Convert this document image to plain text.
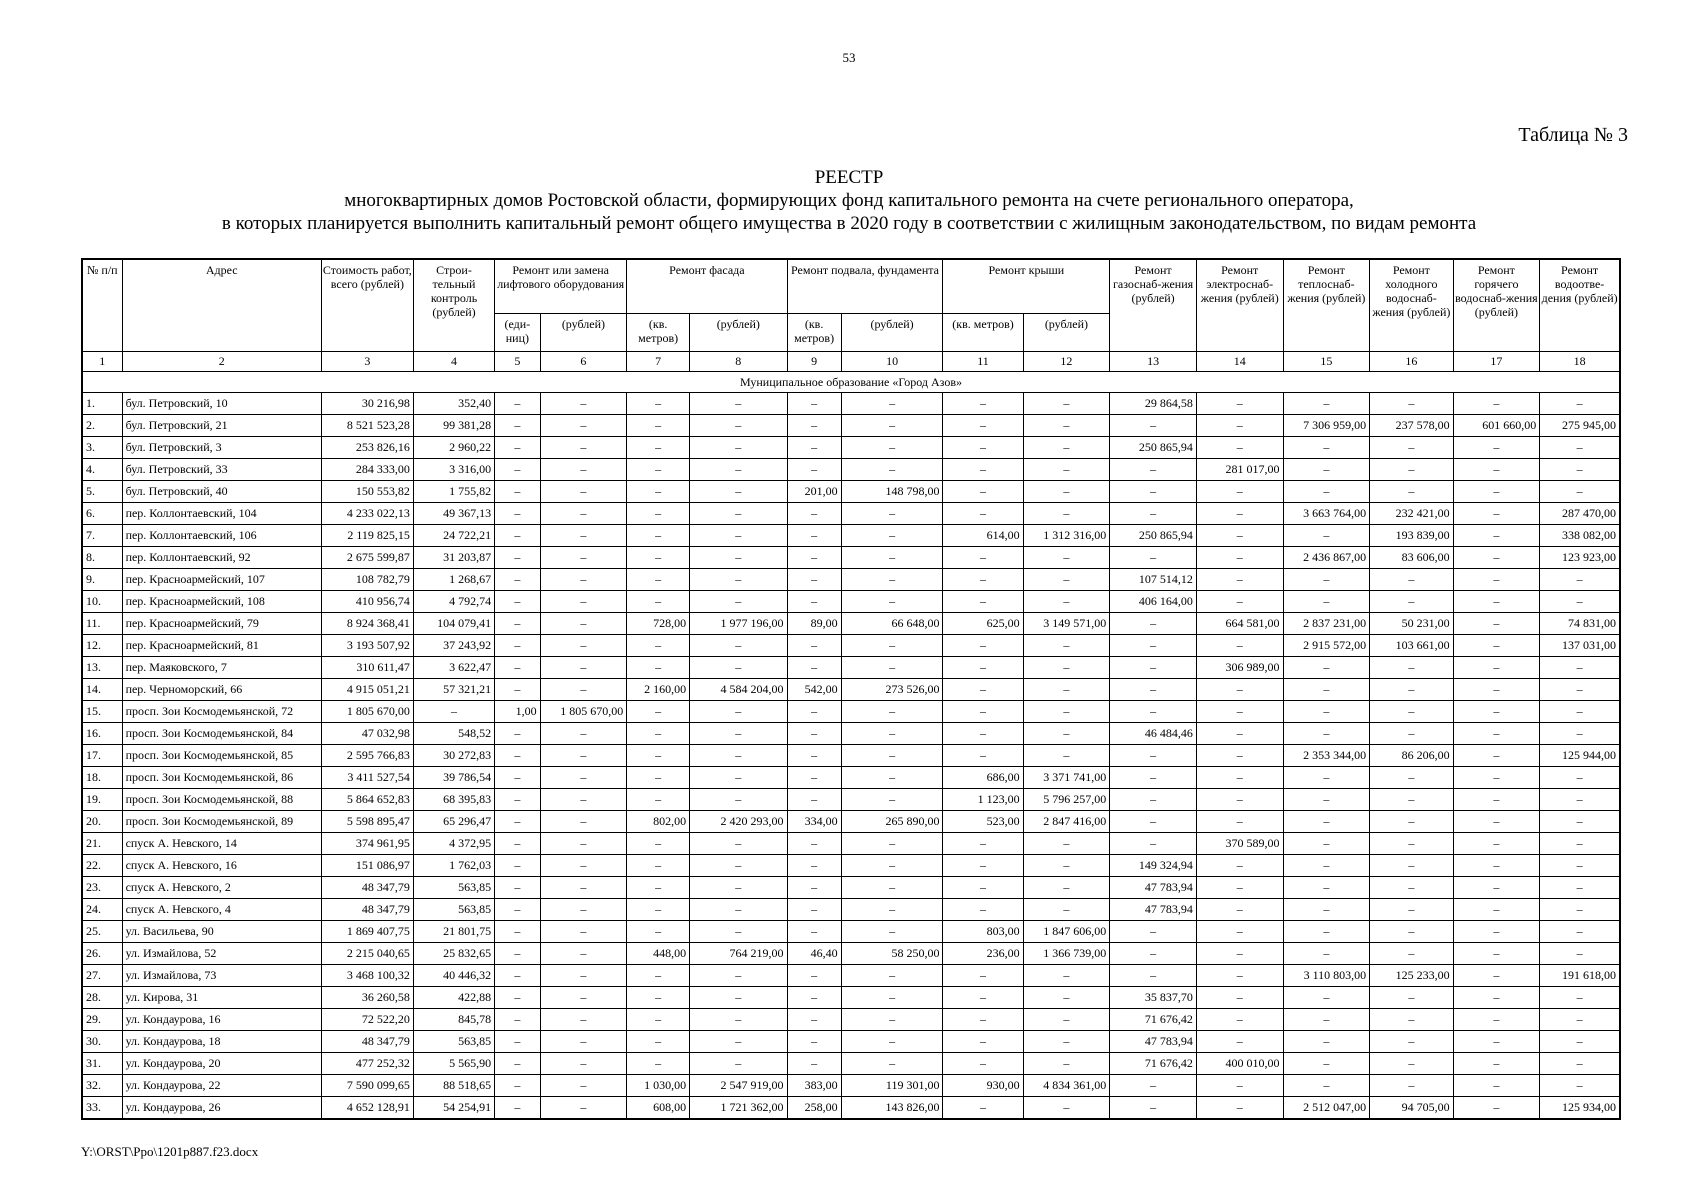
53
Таблица № 3
РЕЕСТР
многоквартирных домов Ростовской области, формирующих фонд капитального ремонта на счете регионального оператора,
в которых планируется выполнить капитальный ремонт общего имущества в 2020 году в соответствии с жилищным законодательством, по видам ремонта
№ п/п	Адрес	Стоимость работ, всего (рублей)	Строи-тельный контроль (рублей)	Ремонт или замена лифтового оборудования		Ремонт фасада		Ремонт подвала, фундамента		Ремонт крыши		Ремонт газоснаб-жения (рублей)	Ремонт электроснаб-жения (рублей)	Ремонт теплоснаб-жения (рублей)	Ремонт холодного водоснаб-жения (рублей)	Ремонт горячего водоснаб-жения (рублей)	Ремонт водоотве-дения (рублей)
				(еди-ниц)	(рублей)	(кв. метров)	(рублей)	(кв. метров)	(рублей)	(кв. метров)	(рублей)						
1	2	3	4	5	6	7	8	9	10	11	12	13	14	15	16	17	18
Муниципальное образование «Город Азов»																	
1.	бул. Петровский, 10	30 216,98	352,40	–	–	–	–	–	–	–	–	29 864,58	–	–	–	–	–
2.	бул. Петровский, 21	8 521 523,28	99 381,28	–	–	–	–	–	–	–	–	–	–	7 306 959,00	237 578,00	601 660,00	275 945,00
3.	бул. Петровский, 3	253 826,16	2 960,22	–	–	–	–	–	–	–	–	250 865,94	–	–	–	–	–
4.	бул. Петровский, 33	284 333,00	3 316,00	–	–	–	–	–	–	–	–	–	281 017,00	–	–	–	–
5.	бул. Петровский, 40	150 553,82	1 755,82	–	–	–	–	201,00	148 798,00	–	–	–	–	–	–	–	–
6.	пер. Коллонтаевский, 104	4 233 022,13	49 367,13	–	–	–	–	–	–	–	–	–	–	3 663 764,00	232 421,00	–	287 470,00
7.	пер. Коллонтаевский, 106	2 119 825,15	24 722,21	–	–	–	–	–	–	614,00	1 312 316,00	250 865,94	–	–	193 839,00	–	338 082,00
8.	пер. Коллонтаевский, 92	2 675 599,87	31 203,87	–	–	–	–	–	–	–	–	–	–	2 436 867,00	83 606,00	–	123 923,00
9.	пер. Красноармейский, 107	108 782,79	1 268,67	–	–	–	–	–	–	–	–	107 514,12	–	–	–	–	–
10.	пер. Красноармейский, 108	410 956,74	4 792,74	–	–	–	–	–	–	–	–	406 164,00	–	–	–	–	–
11.	пер. Красноармейский, 79	8 924 368,41	104 079,41	–	–	728,00	1 977 196,00	89,00	66 648,00	625,00	3 149 571,00	–	664 581,00	2 837 231,00	50 231,00	–	74 831,00
12.	пер. Красноармейский, 81	3 193 507,92	37 243,92	–	–	–	–	–	–	–	–	–	–	2 915 572,00	103 661,00	–	137 031,00
13.	пер. Маяковского, 7	310 611,47	3 622,47	–	–	–	–	–	–	–	–	–	306 989,00	–	–	–	–
14.	пер. Черноморский, 66	4 915 051,21	57 321,21	–	–	2 160,00	4 584 204,00	542,00	273 526,00	–	–	–	–	–	–	–	–
15.	просп. Зои Космодемьянской, 72	1 805 670,00	–	1,00	1 805 670,00	–	–	–	–	–	–	–	–	–	–	–	–
16.	просп. Зои Космодемьянской, 84	47 032,98	548,52	–	–	–	–	–	–	–	–	46 484,46	–	–	–	–	–
17.	просп. Зои Космодемьянской, 85	2 595 766,83	30 272,83	–	–	–	–	–	–	–	–	–	–	2 353 344,00	86 206,00	–	125 944,00
18.	просп. Зои Космодемьянской, 86	3 411 527,54	39 786,54	–	–	–	–	–	–	686,00	3 371 741,00	–	–	–	–	–	–
19.	просп. Зои Космодемьянской, 88	5 864 652,83	68 395,83	–	–	–	–	–	–	1 123,00	5 796 257,00	–	–	–	–	–	–
20.	просп. Зои Космодемьянской, 89	5 598 895,47	65 296,47	–	–	802,00	2 420 293,00	334,00	265 890,00	523,00	2 847 416,00	–	–	–	–	–	–
21.	спуск А. Невского, 14	374 961,95	4 372,95	–	–	–	–	–	–	–	–	–	370 589,00	–	–	–	–
22.	спуск А. Невского, 16	151 086,97	1 762,03	–	–	–	–	–	–	–	–	149 324,94	–	–	–	–	–
23.	спуск А. Невского, 2	48 347,79	563,85	–	–	–	–	–	–	–	–	47 783,94	–	–	–	–	–
24.	спуск А. Невского, 4	48 347,79	563,85	–	–	–	–	–	–	–	–	47 783,94	–	–	–	–	–
25.	ул. Васильева, 90	1 869 407,75	21 801,75	–	–	–	–	–	–	803,00	1 847 606,00	–	–	–	–	–	–
26.	ул. Измайлова, 52	2 215 040,65	25 832,65	–	–	448,00	764 219,00	46,40	58 250,00	236,00	1 366 739,00	–	–	–	–	–	–
27.	ул. Измайлова, 73	3 468 100,32	40 446,32	–	–	–	–	–	–	–	–	–	–	3 110 803,00	125 233,00	–	191 618,00
28.	ул. Кирова, 31	36 260,58	422,88	–	–	–	–	–	–	–	–	35 837,70	–	–	–	–	–
29.	ул. Кондаурова, 16	72 522,20	845,78	–	–	–	–	–	–	–	–	71 676,42	–	–	–	–	–
30.	ул. Кондаурова, 18	48 347,79	563,85	–	–	–	–	–	–	–	–	47 783,94	–	–	–	–	–
31.	ул. Кондаурова, 20	477 252,32	5 565,90	–	–	–	–	–	–	–	–	71 676,42	400 010,00	–	–	–	–
32.	ул. Кондаурова, 22	7 590 099,65	88 518,65	–	–	1 030,00	2 547 919,00	383,00	119 301,00	930,00	4 834 361,00	–	–	–	–	–	–
33.	ул. Кондаурова, 26	4 652 128,91	54 254,91	–	–	608,00	1 721 362,00	258,00	143 826,00	–	–	–	–	2 512 047,00	94 705,00	–	125 934,00
Y:\ORST\Ppo\1201p887.f23.docx
